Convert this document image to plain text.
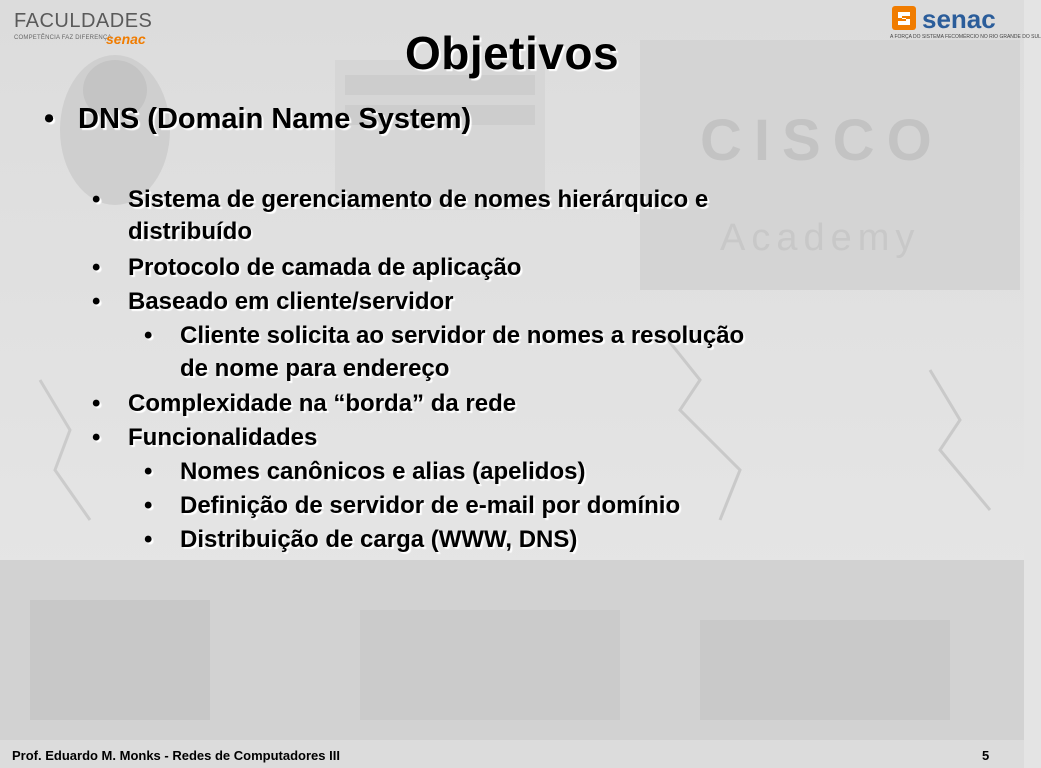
CISCO
Academy
FACULDADES
COMPETÊNCIA FAZ DIFERENÇA
senac
senac
A FORÇA DO SISTEMA FECOMÉRCIO NO RIO GRANDE DO SUL
Objetivos
• DNS (Domain Name System)
• Sistema de gerenciamento de nomes hierárquico e
distribuído
• Protocolo de camada de aplicação
• Baseado em cliente/servidor
• Cliente solicita ao servidor de nomes a resolução
de nome para endereço
• Complexidade na “borda” da rede
• Funcionalidades
• Nomes canônicos e alias (apelidos)
• Definição de servidor de e-mail por domínio
• Distribuição de carga (WWW, DNS)
Prof. Eduardo M. Monks - Redes de Computadores III	5
